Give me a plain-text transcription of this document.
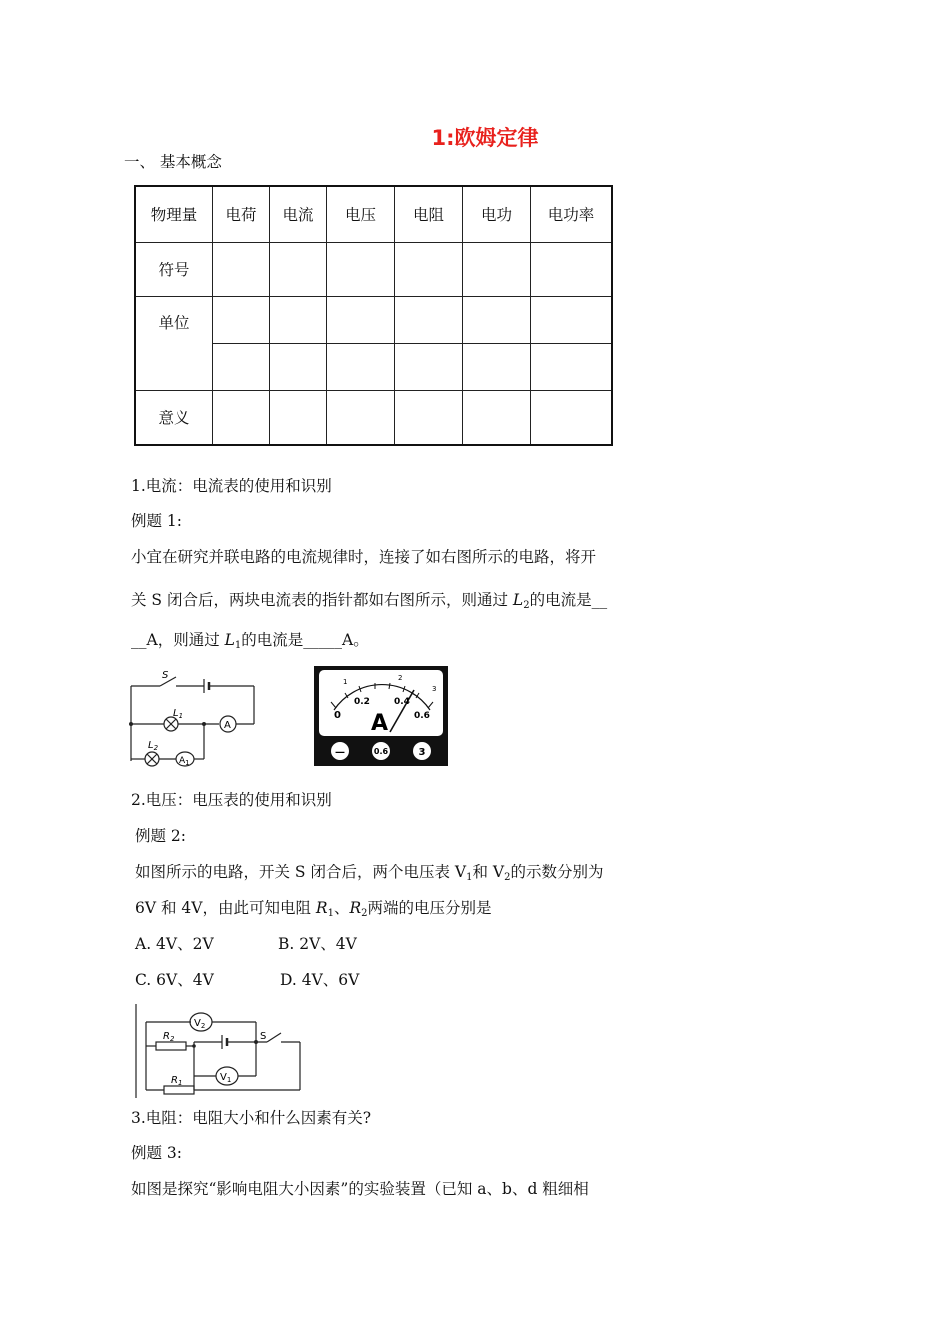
1:欧姆定律
一、 基本概念
物理量	电荷	电流	电压	电阻	电功	电功率
符号						
单位						

意义						
1.电流：电流表的使用和识别
例题 1:
小宜在研究并联电路的电流规律时，连接了如右图所示的电路，将开
关 S 闭合后，两块电流表的指针都如右图所示，则通过 $L_2$的电流是__
__A，则通过 $L_1$的电流是_____A。
S
$L_1$
$L_2$
A
$A_1$
1	2
3
0
0.2	0.4
0.6
A
—	0.6	3
2.电压：电压表的使用和识别
例题 2:
如图所示的电路，开关 S 闭合后，两个电压表 $V_1$和 $V_2$的示数分别为
6V 和 4V，由此可知电阻 $R_1$、$R_2$两端的电压分别是
A. 4V、2V	B. 2V、4V
C. 6V、4V	D. 4V、6V
$V_2$
$R_2$	S
$V_1$
$R_1$
3.电阻：电阻大小和什么因素有关?
例题 3:
如图是探究“影响电阻大小因素”的实验装置（已知 a、b、d 粗细相
